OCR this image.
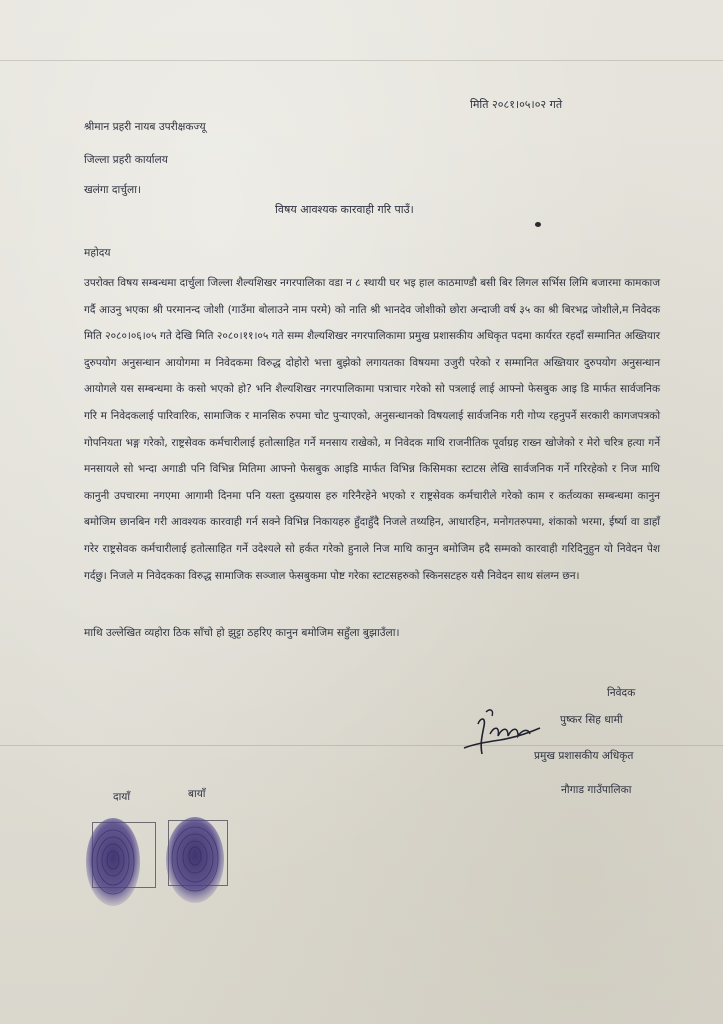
मिति २०८१।०५।०२ गते
श्रीमान प्रहरी नायब उपरीक्षकज्यू
जिल्ला प्रहरी कार्यालय
खलंगा दार्चुला।
विषय आवश्यक कारवाही गरि पाउँ।
महोदय
उपरोक्त विषय सम्बन्धमा दार्चुला जिल्ला शैल्यशिखर नगरपालिका वडा न ८ स्थायी घर भइ हाल काठमाण्डौ बसी बिर लिगल सर्भिस लिमि बजारमा कामकाज गर्दै आउनु भएका श्री परमानन्द जोशी (गाउँमा बोलाउने नाम परमे) को नाति श्री भानदेव जोशीको छोरा अन्दाजी वर्ष ३५ का श्री बिरभद्र जोशीले,म निवेदक मिति २०८०।०६।०५ गते देखि मिति २०८०।११।०५ गते सम्म शैल्यशिखर नगरपालिकामा प्रमुख प्रशासकीय अधिकृत पदमा कार्यरत रहदाँ सम्मानित अख्तियार दुरुपयोग अनुसन्धान आयोगमा म निवेदकमा विरुद्ध दोहोरो भत्ता बुझेको लगायतका विषयमा उजुरी परेको र सम्मानित अख्तियार दुरुपयोग अनुसन्धान आयोगले यस सम्बन्धमा के कसो भएको हो? भनि शैल्यशिखर नगरपालिकामा पत्राचार गरेको सो पत्रलाई लाई आफ्नो फेसबुक आइ डि मार्फत सार्वजनिक गरि म निवेदकलाई पारिवारिक, सामाजिक र मानसिक रुपमा चोट पुऱ्याएको, अनुसन्धानको विषयलाई सार्वजनिक गरी गोप्य रहनुपर्ने सरकारी कागजपत्रको गोपनियता भङ्ग गरेको, राष्ट्रसेवक कर्मचारीलाई हतोत्साहित गर्ने मनसाय राखेको, म निवेदक माथि राजनीतिक पूर्वाग्रह राख्न खोजेको र मेरो चरित्र हत्या गर्ने मनसायले सो भन्दा अगाडी पनि विभिन्न मितिमा आफ्नो फेसबुक आइडि मार्फत विभिन्न किसिमका स्टाटस लेखि सार्वजनिक गर्ने गरिरहेको र निज माथि कानुनी उपचारमा नगएमा आगामी दिनमा पनि यस्ता दुस्प्रयास हरु गरिनैरहेने भएको र राष्ट्रसेवक कर्मचारीले गरेको काम र कर्तव्यका सम्बन्धमा कानुन बमोजिम छानबिन गरी आवश्यक कारवाही गर्न सक्ने विभिन्न निकायहरु हुँदाहुँदै निजले तथ्यहिन, आधारहिन, मनोगतरुपमा, शंकाको भरमा, ईर्ष्या वा डाहाँ गरेर राष्ट्रसेवक कर्मचारीलाई हतोत्साहित गर्ने उदेश्यले सो हर्कत गरेको हुनाले निज माथि कानुन बमोजिम हदै सम्मको कारवाही गरिदिनुहुन यो निवेदन पेश गर्दछु। निजले म निवेदकका विरुद्ध सामाजिक सञ्जाल फेसबुकमा पोष्ट गरेका स्टाटसहरुको स्किनसटहरु यसै निवेदन साथ संलग्न छन।
माथि उल्लेखित व्यहोरा ठिक साँचो हो झुट्टा ठहरिए कानुन बमोजिम सहुँला बुझाउँला।
निवेदक
पुष्कर सिह धामी
प्रमुख प्रशासकीय अधिकृत
नौगाड गाउँपालिका
दायाँ	बायाँ
